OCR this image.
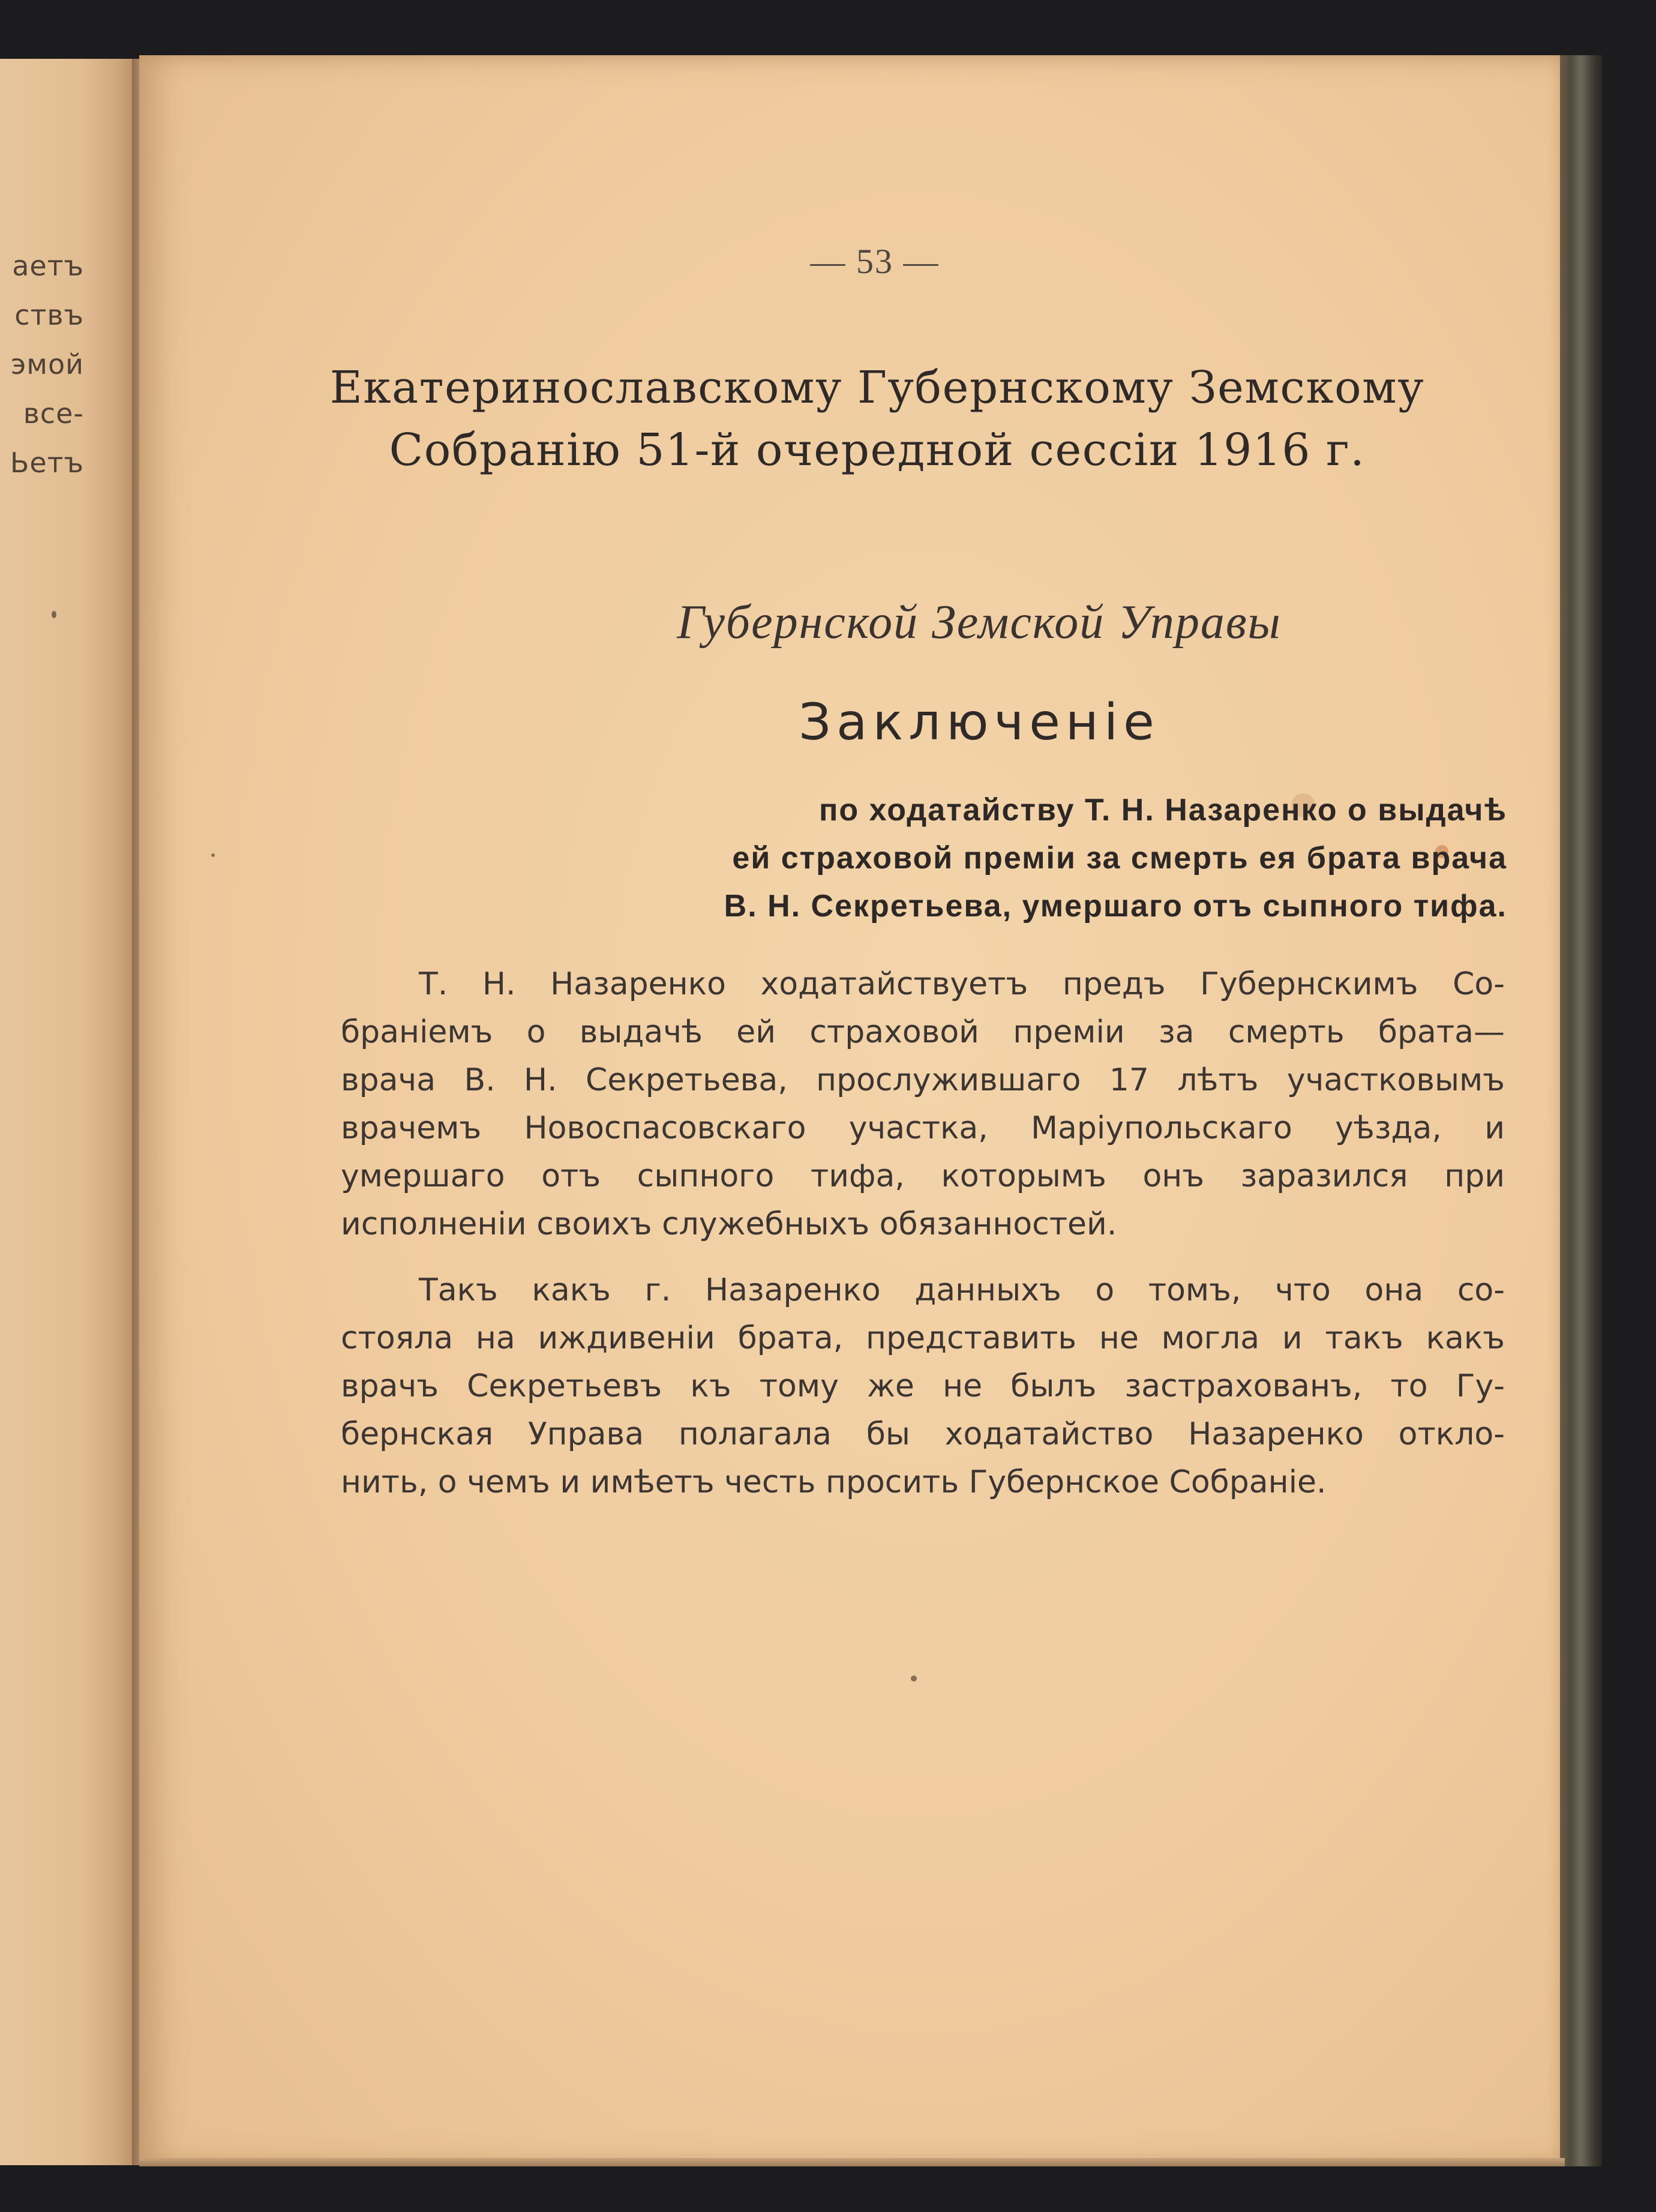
аетъ
ствъ
эмой
все-
Ьетъ
— 53 —
Екатеринославскому Губернскому Земскому
Собранію 51-й очередной сессіи 1916 г.
Губернской Земской Управы
Заключеніе
по ходатайству Т. Н. Назаренко о выдачѣ
ей страховой преміи за смерть ея брата врача
В. Н. Секретьева, умершаго отъ сыпного тифа.
Т. Н. Назаренко ходатайствуетъ предъ Губернскимъ Со-
браніемъ о выдачѣ ей страховой преміи за смерть брата—
врача В. Н. Секретьева, прослужившаго 17 лѣтъ участковымъ
врачемъ Новоспасовскаго участка, Маріупольскаго уѣзда, и
умершаго отъ сыпного тифа, которымъ онъ заразился при
исполненіи своихъ служебныхъ обязанностей.
Такъ какъ г. Назаренко данныхъ о томъ, что она со-
стояла на иждивеніи брата, представить не могла и такъ какъ
врачъ Секретьевъ къ тому же не былъ застрахованъ, то Гу-
бернская Управа полагала бы ходатайство Назаренко откло-
нить, о чемъ и имѣетъ честь просить Губернское Собраніе.
